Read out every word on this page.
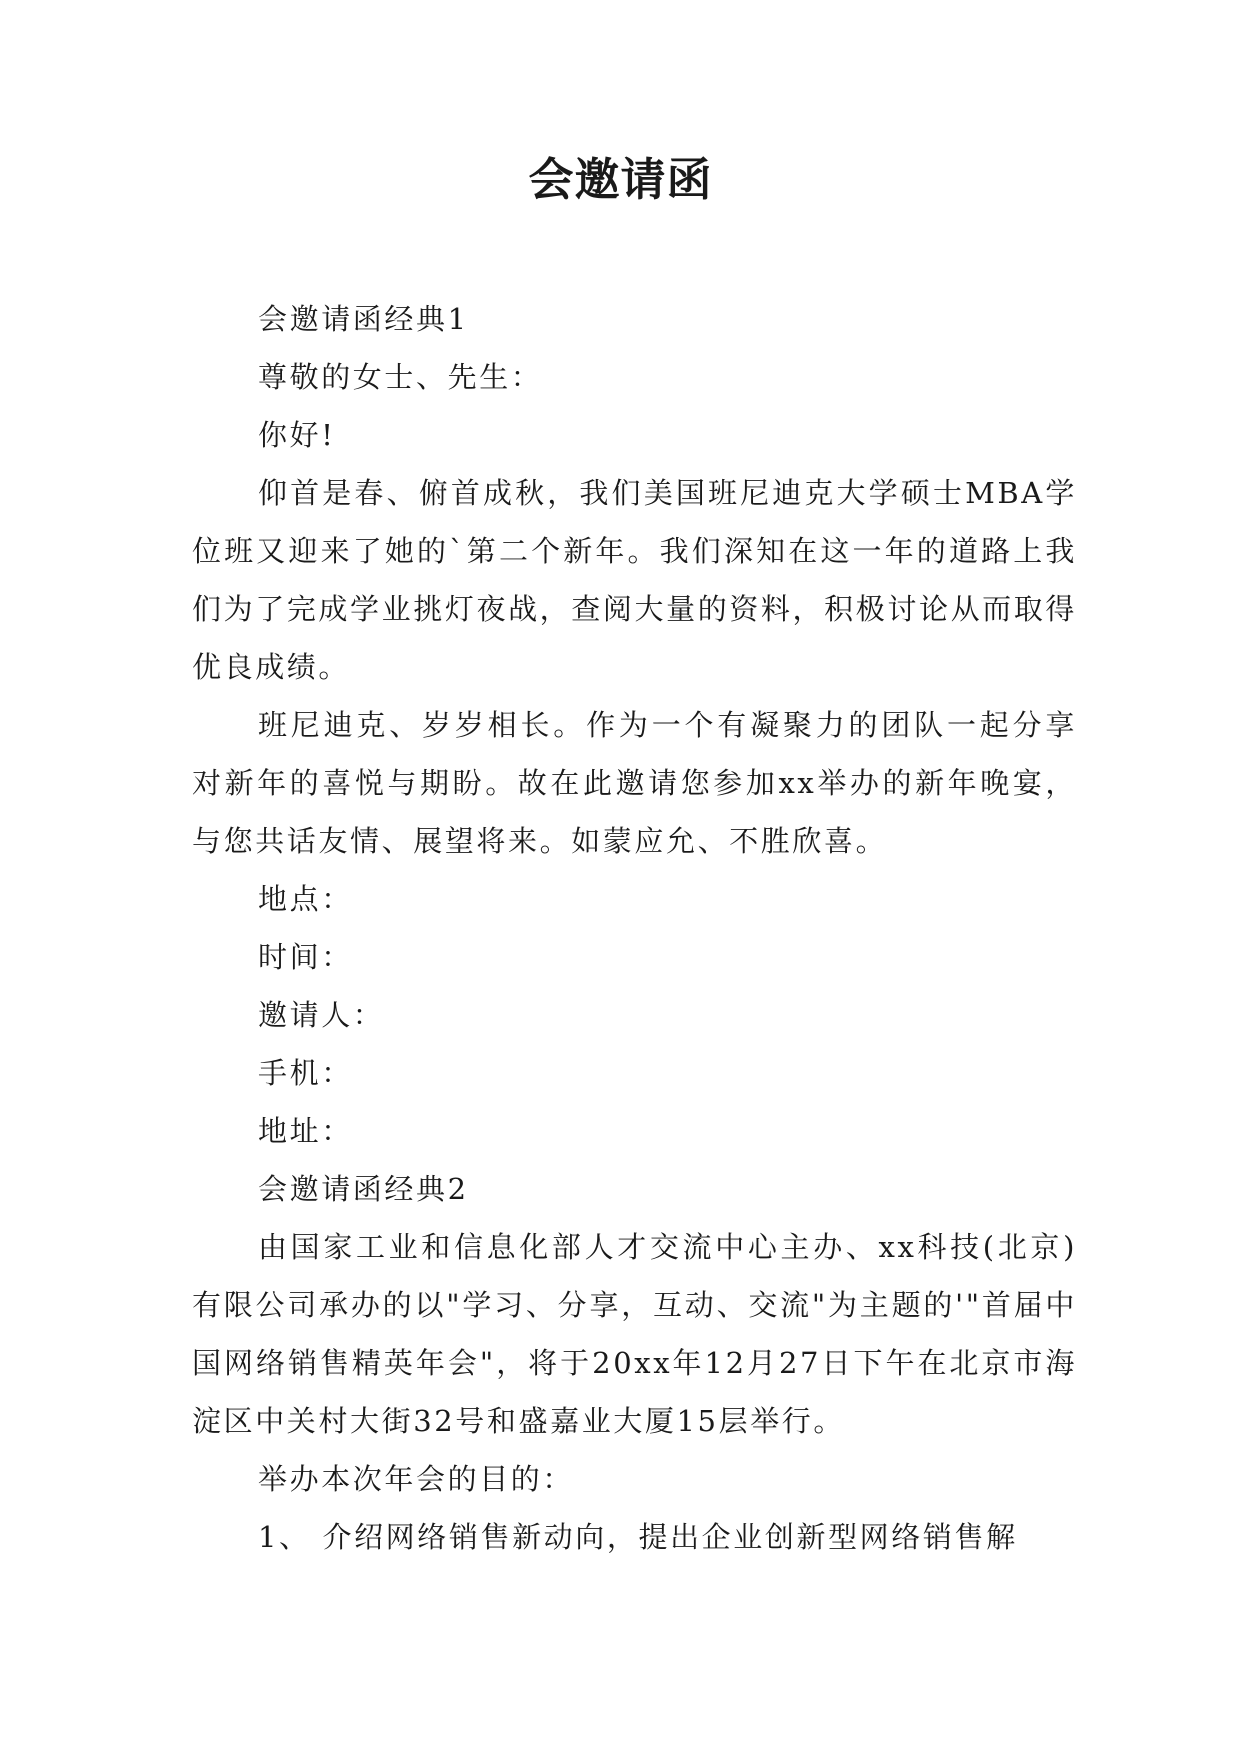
会邀请函

会邀请函经典1

尊敬的女士、先生：

你好!

仰首是春、俯首成秋，我们美国班尼迪克大学硕士MBA学位班又迎来了她的`第二个新年。我们深知在这一年的道路上我们为了完成学业挑灯夜战，查阅大量的资料，积极讨论从而取得优良成绩。

班尼迪克、岁岁相长。作为一个有凝聚力的团队一起分享对新年的喜悦与期盼。故在此邀请您参加xx举办的新年晚宴，与您共话友情、展望将来。如蒙应允、不胜欣喜。

地点：

时间：

邀请人：

手机：

地址：

会邀请函经典2

由国家工业和信息化部人才交流中心主办、xx科技(北京)有限公司承办的以"学习、分享，互动、交流"为主题的'"首届中国网络销售精英年会"，将于20xx年12月27日下午在北京市海淀区中关村大街32号和盛嘉业大厦15层举行。

举办本次年会的目的：

1、 介绍网络销售新动向，提出企业创新型网络销售解
